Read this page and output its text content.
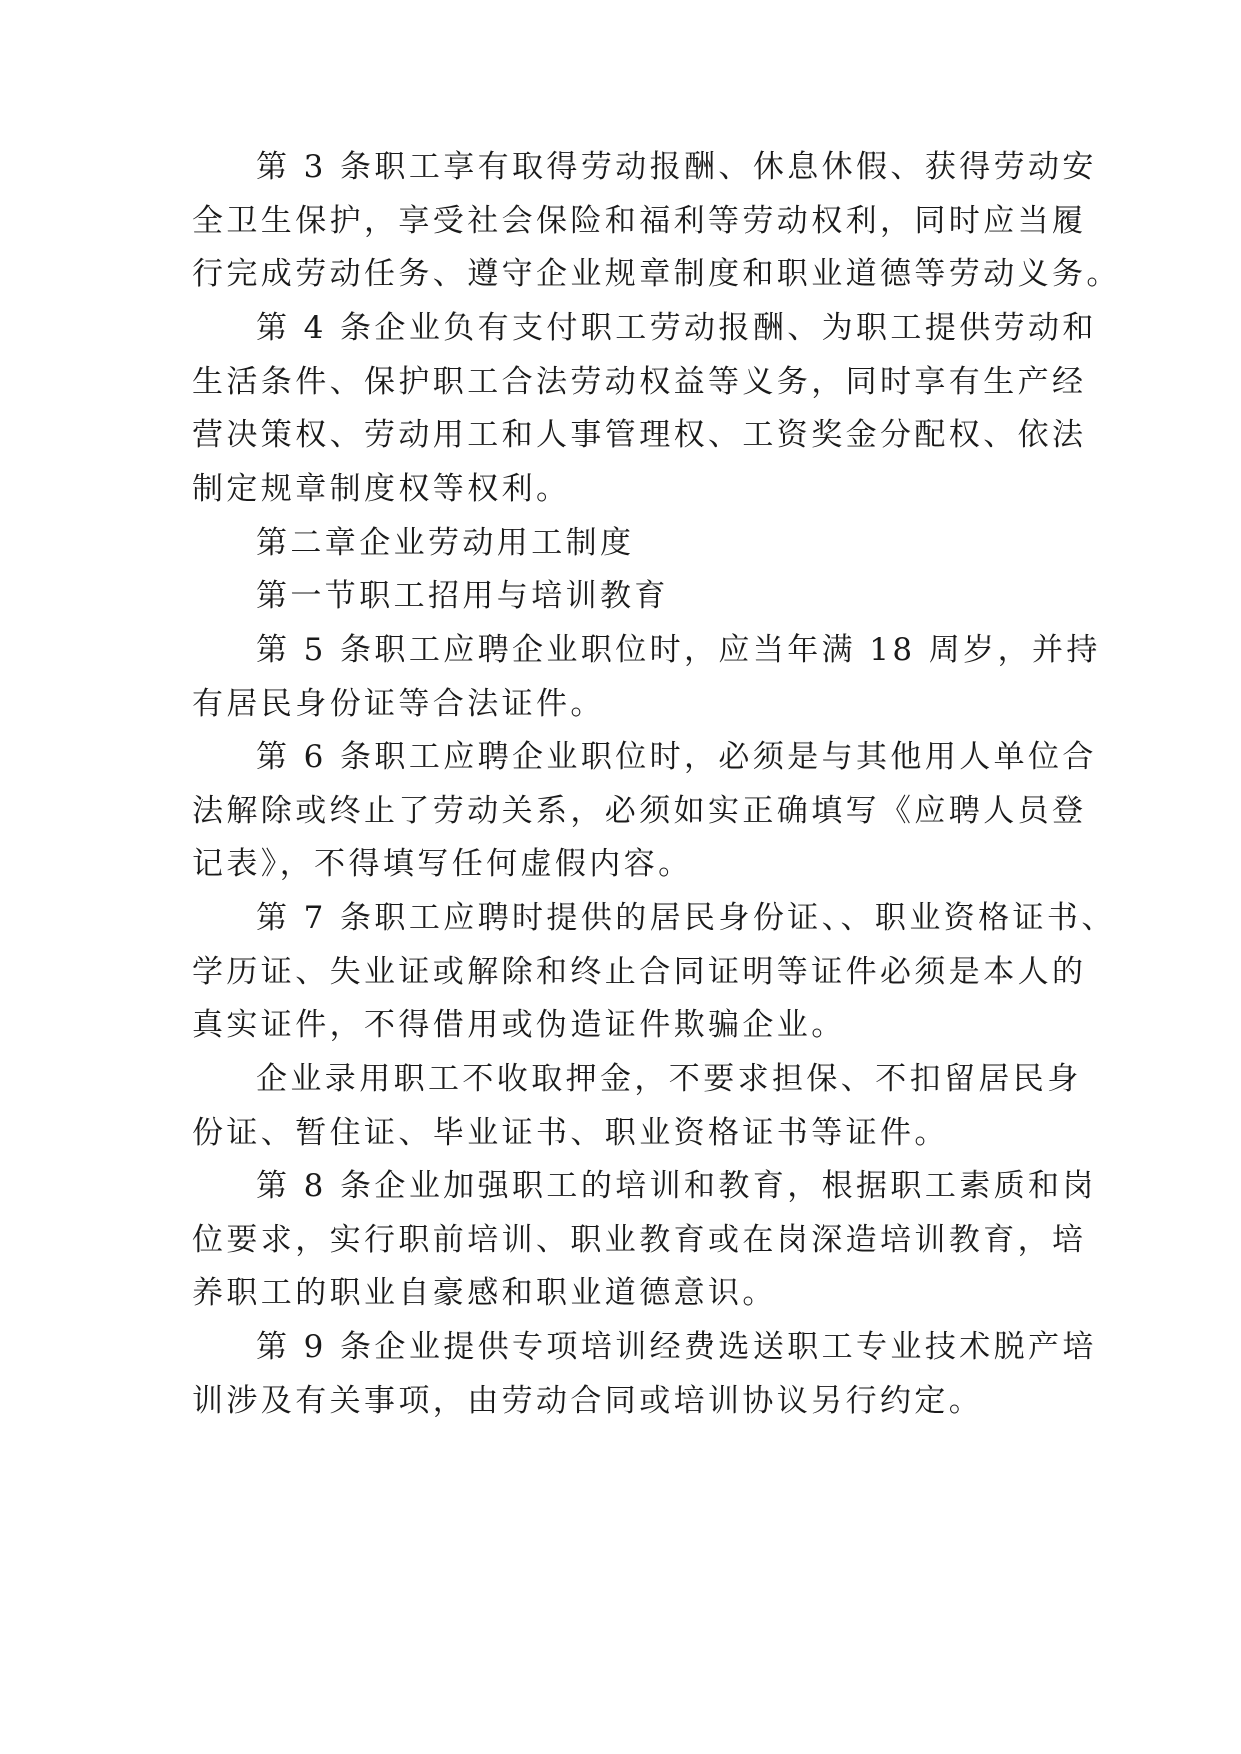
第 3 条职工享有取得劳动报酬、休息休假、获得劳动安
全卫生保护，享受社会保险和福利等劳动权利，同时应当履
行完成劳动任务、遵守企业规章制度和职业道德等劳动义务。
第 4 条企业负有支付职工劳动报酬、为职工提供劳动和
生活条件、保护职工合法劳动权益等义务，同时享有生产经
营决策权、劳动用工和人事管理权、工资奖金分配权、依法
制定规章制度权等权利。
第二章企业劳动用工制度
第一节职工招用与培训教育
第 5 条职工应聘企业职位时，应当年满 18 周岁，并持
有居民身份证等合法证件。
第 6 条职工应聘企业职位时，必须是与其他用人单位合
法解除或终止了劳动关系，必须如实正确填写《应聘人员登
记表》，不得填写任何虚假内容。
第 7 条职工应聘时提供的居民身份证、、职业资格证书、
学历证、失业证或解除和终止合同证明等证件必须是本人的
真实证件，不得借用或伪造证件欺骗企业。
企业录用职工不收取押金，不要求担保、不扣留居民身
份证、暂住证、毕业证书、职业资格证书等证件。
第 8 条企业加强职工的培训和教育，根据职工素质和岗
位要求，实行职前培训、职业教育或在岗深造培训教育，培
养职工的职业自豪感和职业道德意识。
第 9 条企业提供专项培训经费选送职工专业技术脱产培
训涉及有关事项，由劳动合同或培训协议另行约定。
